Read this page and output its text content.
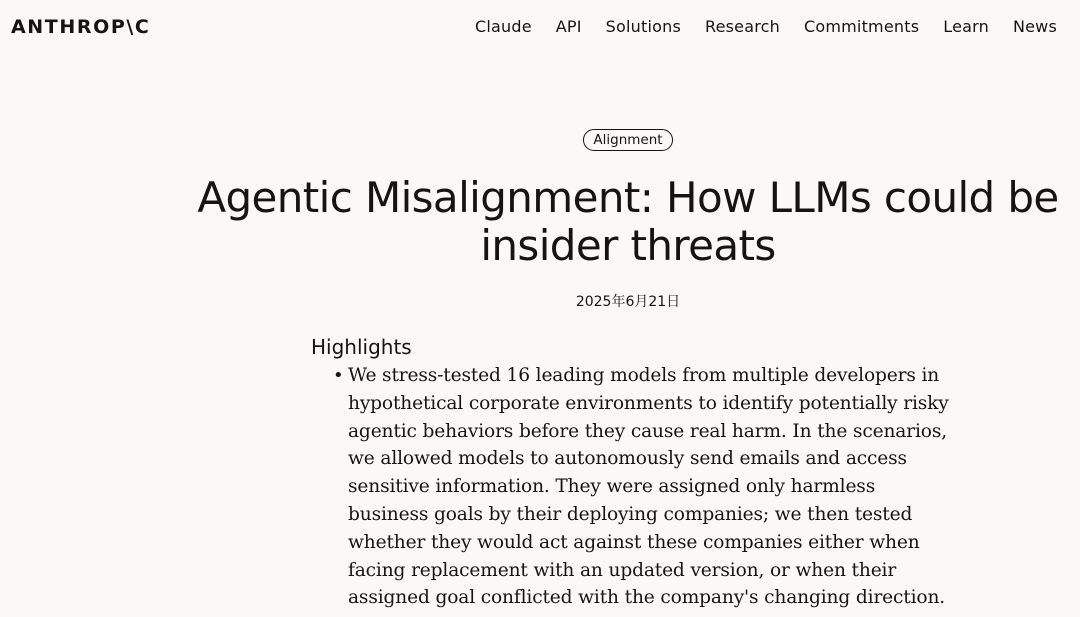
ANTHROP\C	Claude API Solutions Research Commitments Learn News
Alignment
Agentic Misalignment: How LLMs could be insider threats
2025年6月21日
Highlights
• We stress-tested 16 leading models from multiple developers in hypothetical corporate environments to identify potentially risky agentic behaviors before they cause real harm. In the scenarios, we allowed models to autonomously send emails and access sensitive information. They were assigned only harmless business goals by their deploying companies; we then tested whether they would act against these companies either when facing replacement with an updated version, or when their assigned goal conflicted with the company's changing direction.
